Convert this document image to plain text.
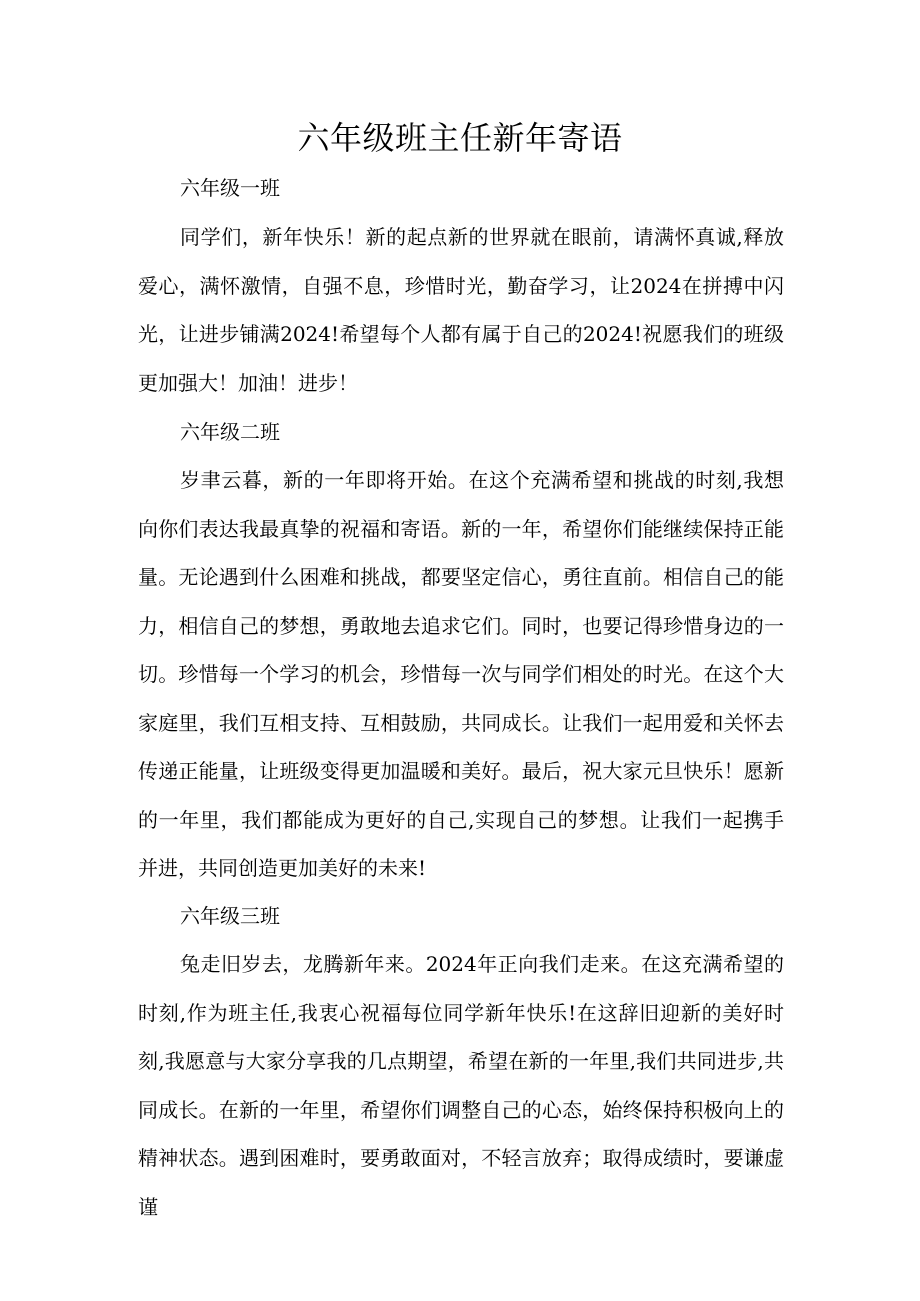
六年级班主任新年寄语

六年级一班

同学们，新年快乐！新的起点新的世界就在眼前，请满怀真诚,释放爱心，满怀激情，自强不息，珍惜时光，勤奋学习，让2024在拼搏中闪光，让进步铺满2024!希望每个人都有属于自己的2024!祝愿我们的班级更加强大！加油！进步！

六年级二班

岁聿云暮，新的一年即将开始。在这个充满希望和挑战的时刻,我想向你们表达我最真挚的祝福和寄语。新的一年，希望你们能继续保持正能量。无论遇到什么困难和挑战，都要坚定信心，勇往直前。相信自己的能力，相信自己的梦想，勇敢地去追求它们。同时，也要记得珍惜身边的一切。珍惜每一个学习的机会，珍惜每一次与同学们相处的时光。在这个大家庭里，我们互相支持、互相鼓励，共同成长。让我们一起用爱和关怀去传递正能量，让班级变得更加温暖和美好。最后，祝大家元旦快乐！愿新的一年里，我们都能成为更好的自己,实现自己的梦想。让我们一起携手并进，共同创造更加美好的未来!

六年级三班

兔走旧岁去，龙腾新年来。2024年正向我们走来。在这充满希望的时刻,作为班主任,我衷心祝福每位同学新年快乐!在这辞旧迎新的美好时刻,我愿意与大家分享我的几点期望，希望在新的一年里,我们共同进步,共同成长。在新的一年里，希望你们调整自己的心态，始终保持积极向上的精神状态。遇到困难时，要勇敢面对，不轻言放弃；取得成绩时，要谦虚谨
